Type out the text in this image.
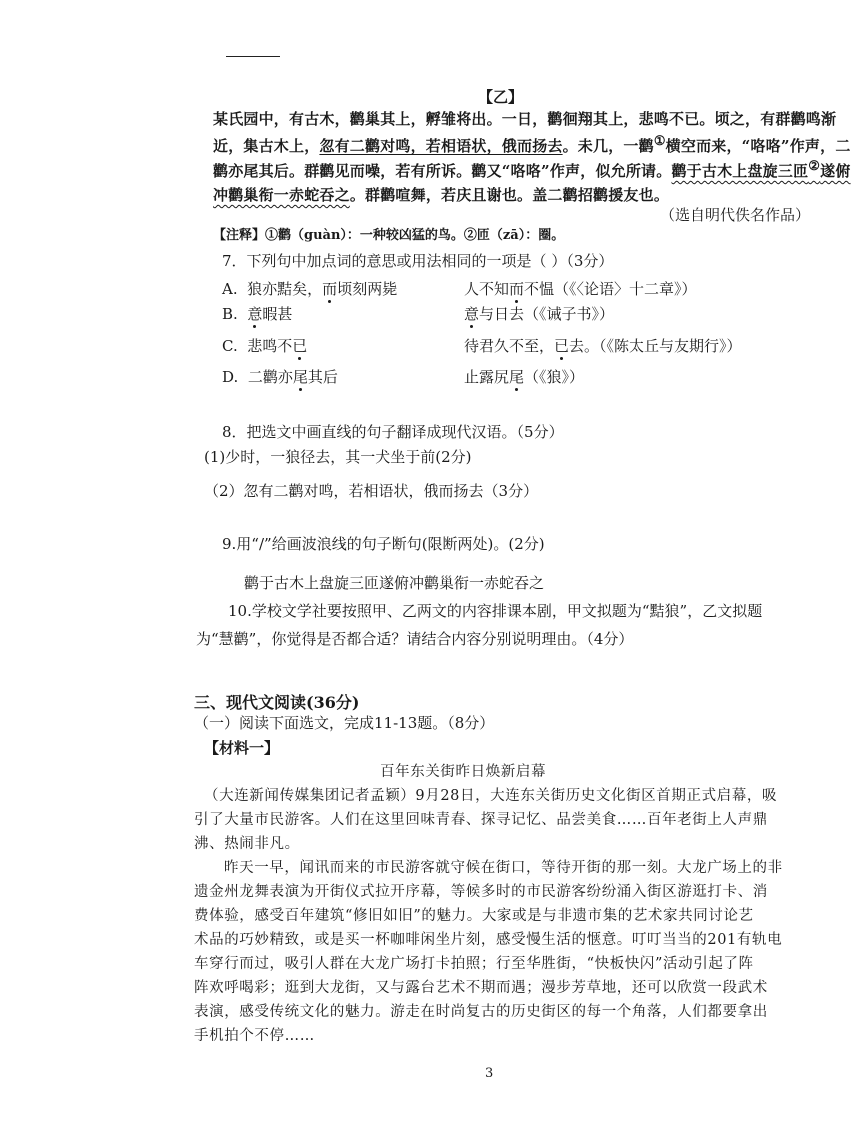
【乙】
某氏园中，有古木，鹳巢其上，孵雏将出。一日，鹳徊翔其上，悲鸣不已。顷之，有群鹳鸣渐
近，集古木上，忽有二鹳对鸣，若相语状，俄而扬去。未几，一鹳①横空而来，“咯咯”作声，二
鹳亦尾其后。群鹳见而噪，若有所诉。鹳又“咯咯”作声，似允所请。鹳于古木上盘旋三匝②遂俯
冲鹳巢衔一赤蛇吞之。群鹳喧舞，若庆且谢也。盖二鹳招鹳援友也。
（选自明代佚名作品）
【注释】①鹳（guàn）：一种较凶猛的鸟。②匝（zā）：圈。
7．下列句中加点词的意思或用法相同的一项是（ ）（3分）
A. 狼亦黠矣，而顷刻两毙	人不知而不愠（《〈论语〉十二章》）
B. 意暇甚	意与日去（《诫子书》）
C. 悲鸣不已	待君久不至，已去。（《陈太丘与友期行》）
D. 二鹳亦尾其后	止露尻尾（《狼》）
8．把选文中画直线的句子翻译成现代汉语。（5分）
(1)少时，一狼径去，其一犬坐于前(2分)
（2）忽有二鹳对鸣，若相语状，俄而扬去（3分）
9.用“/”给画波浪线的句子断句(限断两处)。(2分)
鹳于古木上盘旋三匝遂俯冲鹳巢衔一赤蛇吞之
10.学校文学社要按照甲、乙两文的内容排课本剧，甲文拟题为“黠狼”，乙文拟题
为“慧鹳”，你觉得是否都合适？请结合内容分别说明理由。（4分）
三、现代文阅读(36分)
（一）阅读下面选文，完成11-13题。（8分）
【材料一】
百年东关街昨日焕新启幕
（大连新闻传媒集团记者孟颖）9月28日，大连东关街历史文化街区首期正式启幕，吸
引了大量市民游客。人们在这里回味青春、探寻记忆、品尝美食……百年老街上人声鼎
沸、热闹非凡。
昨天一早，闻讯而来的市民游客就守候在街口，等待开街的那一刻。大龙广场上的非
遗金州龙舞表演为开街仪式拉开序幕，等候多时的市民游客纷纷涌入街区游逛打卡、消
费体验，感受百年建筑“修旧如旧”的魅力。大家或是与非遗市集的艺术家共同讨论艺
术品的巧妙精致，或是买一杯咖啡闲坐片刻，感受慢生活的惬意。叮叮当当的201有轨电
车穿行而过，吸引人群在大龙广场打卡拍照；行至华胜街，“快板快闪”活动引起了阵
阵欢呼喝彩；逛到大龙街，又与露台艺术不期而遇；漫步芳草地，还可以欣赏一段武术
表演，感受传统文化的魅力。游走在时尚复古的历史街区的每一个角落，人们都要拿出
手机拍个不停……
3
